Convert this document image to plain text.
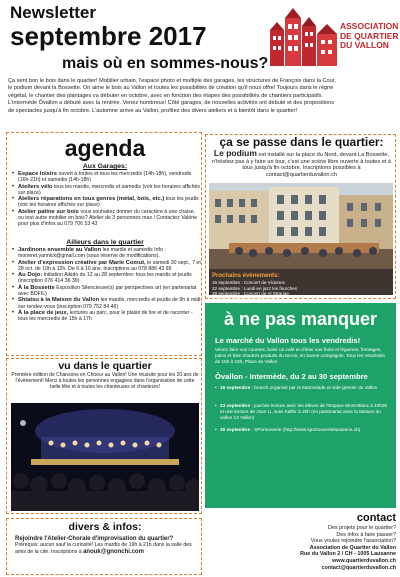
Newsletter
septembre 2017
mais où en sommes-nous?
ASSOCIATION
DE QUARTIER
DU VALLON
Ça sent bon le bois dans le quartier! Mobilier urbain, l'espace photo et multiple des garages, les structures de François dans la Cour,
le podium devant la Bossette. On aime le bois au Vallon et toutes les possibilités de création qu'il nous offre! Toujours dans le règne
végétal, le chantier des plantages va débuter en octobre, avec en fonction des étapes des possibilités de chantiers participatifs.
L'intermède Ôvallon a débuté avec la rentrée. Venez nombreux! Côté garages, de nouvelles activités ont débuté et des propositions
de spectacles jusqu'à fin octobre. L'automne arrive au Vallon, profitez des divers ateliers et à bientôt dans le quartier!
agenda
Aux Garages:
• Espace loisirs ouvert à toutes et tous les mercredis (14h-18h), vendredis (16h-21h) et samedis (14h-18h)
• Ateliers vélo tous les mardis, mercredis et samedis (voir les horaires affichés sur place)
• Ateliers réparations en tous genres (métal, bois, etc.) tous les jeudis (voir les horaires affichés sur place)
• Atelier patine sur bois vous souhaitez donner du caractère à une chaise, ou tout autre mobilier en bois? Atelier de 3 personnes max.! Contactez Valérie pour plus d'infos au 079 706 53 43
Ailleurs dans le quartier
• Jardinons ensemble au Vallon les mardis et samedis Info : moneret.yannick@gmail.com (sous réserve de modifications).
• Atelier d'expression créative par Marie Comut, le samedi 30 sept., 7 et 28 oct. de 10h à 12h. De 6 à 10 ans. Inscriptions au 078 886 43 99
• Au Dojo: Initiation Aikido du 12 au 28 septembre: tous les mardis et jeudis (inscription 076 414 36 39)
• À la Bossette Exposition Silencieuse(s) par perspectives art (en partenariat avec BDFIL)
• Shiatsu à la Maison du Vallon les mardis, mercredis et jeudis de 9h à midi sur rendez-vous (inscription 079 752 84 46)
• À la place de jeux, lectures au parc, pour le plaisir de lire et de raconter - tous les mercredis de 15h à 17h
ça se passe dans le quartier:
Le podium est installé sur la place du Nord, devant La Bossette, n'hésitez pas à y faire un tour, c'est une scène libre ouverte à toutes et à tous jusqu'à fin octobre. Inscriptions possibles à contact@quartierduvallon.ch
Prochains évènements:
16 septembre : Concert de Vicience
22 septembre : Lundi en jazz les fourches
29 septembre : Concert de Al Strange
6 octobre : Concert du Road Trio
vu dans le quartier
Première édition de Chansons en Choeur au Vallon! Une réussite pour les 20 ans de l'évènement! Merci à toutes les personnes engagées dans l'organisation de cette belle fête et à toutes les chanteuses et chanteurs!
à ne pas manquer
Le marché du Vallon tous les vendredis!
Venez faire vos courses, boire un café et chiner vos fruits et légumes, fromages, pains et bien d'autres produits du terroir, en bonne compagnie. Tous les vendredis de 15h à 19h, Place du Vallon.
Ôvallon - Intermède, du 2 au 30 septembre
• 16 septembre : brunch organisé par la Marmelade et vide-grenier du Vallon
• 23 septembre : journée lecture avec les élèves de l'Espace Mont-Blanc à 10h30 et une lecture de Joan Li, suivi Kalfer à 20h (en partenariat avec la Maison du vallon 13 Vallon)
• 30 septembre : SPortouverte (http://www.sportouvertelausanne.ch)
divers & infos:
Rejoindre l'Atelier-Chorale d'improvisation du quartier?
Prérequis: aucun sauf la curiosité! Les mardis de 19h à 21h dans la salle des amis de la cité. Inscriptions à anouk@gnonchi.com
contact
Des projets pour le quartier?
Des infos à faire passer?
Vous voulez rejoindre l'association?
Association de Quartier du Vallon
Rue du Vallon 2 / CH - 1005 Lausanne
www.quartierduvallon.ch
contact@quartierduvallon.ch
